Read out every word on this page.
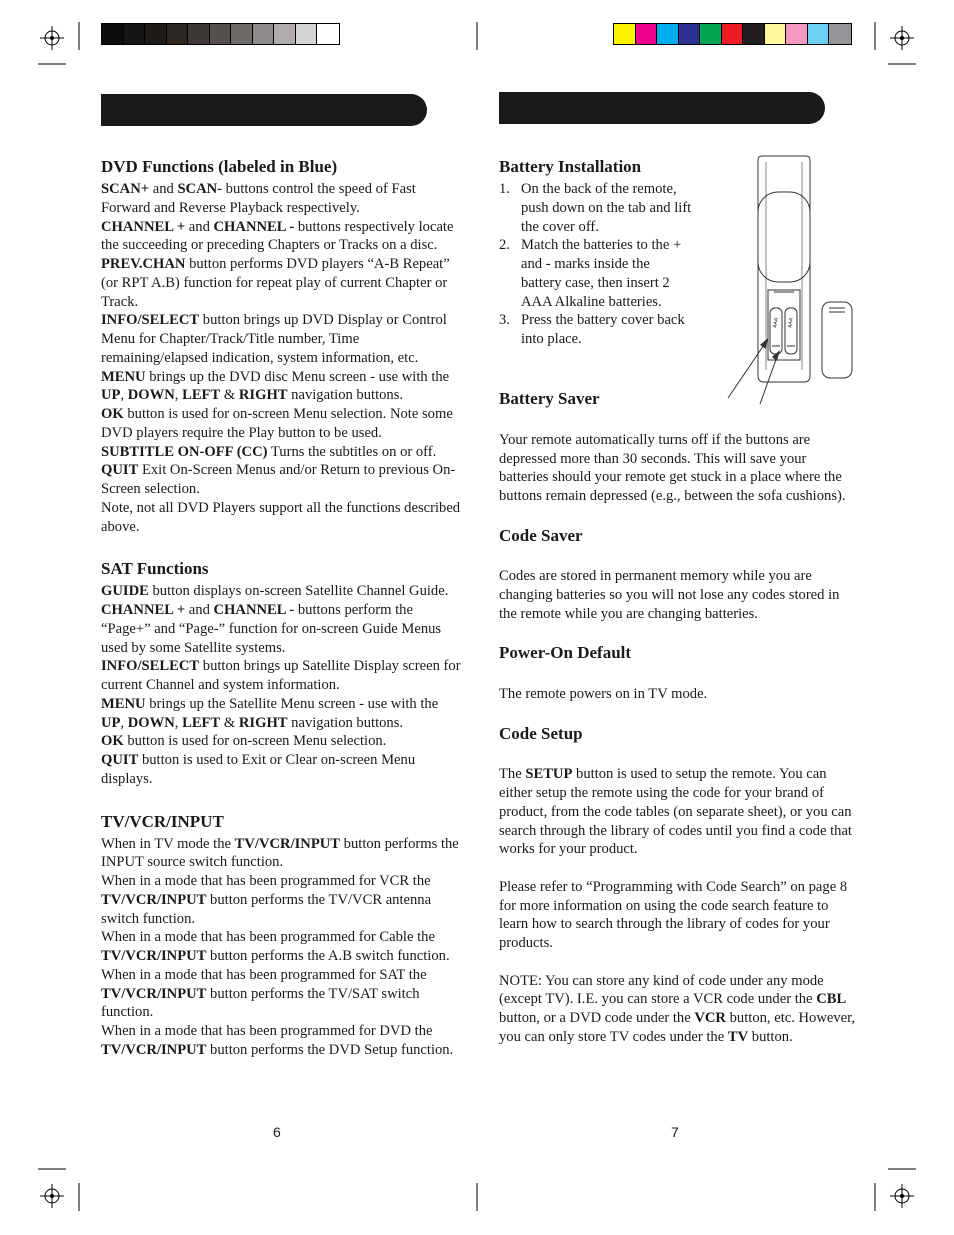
DVD Functions (labeled in Blue)

SCAN+ and SCAN- buttons control the speed of Fast Forward and Reverse Playback respectively.

CHANNEL + and CHANNEL - buttons respectively locate the succeeding or preceding Chapters or Tracks on a disc.

PREV.CHAN button performs DVD players “A-B Repeat” (or RPT A.B) function for repeat play of current Chapter or Track.

INFO/SELECT button brings up DVD Display or Control Menu for Chapter/Track/Title number, Time remaining/elapsed indication, system information, etc.

MENU brings up the DVD disc Menu screen - use with the UP, DOWN, LEFT & RIGHT navigation buttons.

OK button is used for on-screen Menu selection. Note some DVD players require the Play button to be used.

SUBTITLE ON-OFF (CC) Turns the subtitles on or off.

QUIT Exit On-Screen Menus and/or Return to previous On-Screen selection.

Note, not all DVD Players support all the functions described above.

SAT Functions

GUIDE button displays on-screen Satellite Channel Guide.

CHANNEL + and CHANNEL - buttons perform the “Page+” and “Page-” function for on-screen Guide Menus used by some Satellite systems.

INFO/SELECT button brings up Satellite Display screen for current Channel and system information.

MENU brings up the Satellite Menu screen - use with the UP, DOWN, LEFT & RIGHT navigation buttons.

OK button is used for on-screen Menu selection.

QUIT button is used to Exit or Clear on-screen Menu displays.

TV/VCR/INPUT

When in TV mode the TV/VCR/INPUT button performs the INPUT source switch function.

When in a mode that has been programmed for VCR the TV/VCR/INPUT button performs the TV/VCR antenna switch function.

When in a mode that has been programmed for Cable the TV/VCR/INPUT button performs the A.B switch function.

When in a mode that has been programmed for SAT the TV/VCR/INPUT button performs the TV/SAT switch function.

When in a mode that has been programmed for DVD the TV/VCR/INPUT button performs the DVD Setup function.

6
Battery Installation
1. On the back of the remote, push down on the tab and lift the cover off.
2. Match the batteries to the + and - marks inside the battery case, then insert 2 AAA Alkaline batteries.
3. Press the battery cover back into place.
AAA AAA
Battery Saver

Your remote automatically turns off if the buttons are depressed more than 30 seconds. This will save your batteries should your remote get stuck in a place where the buttons remain depressed (e.g., between the sofa cushions).

Code Saver

Codes are stored in permanent memory while you are changing batteries so you will not lose any codes stored in the remote while you are changing batteries.

Power-On Default

The remote powers on in TV mode.

Code Setup

The SETUP button is used to setup the remote. You can either setup the remote using the code for your brand of product, from the code tables (on separate sheet), or you can search through the library of codes until you find a code that works for your product.

Please refer to “Programming with Code Search” on page 8 for more information on using the code search feature to learn how to search through the library of codes for your products.

NOTE: You can store any kind of code under any mode (except TV). I.E. you can store a VCR code under the CBL button, or a DVD code under the VCR button, etc. However, you can only store TV codes under the TV button.

7
